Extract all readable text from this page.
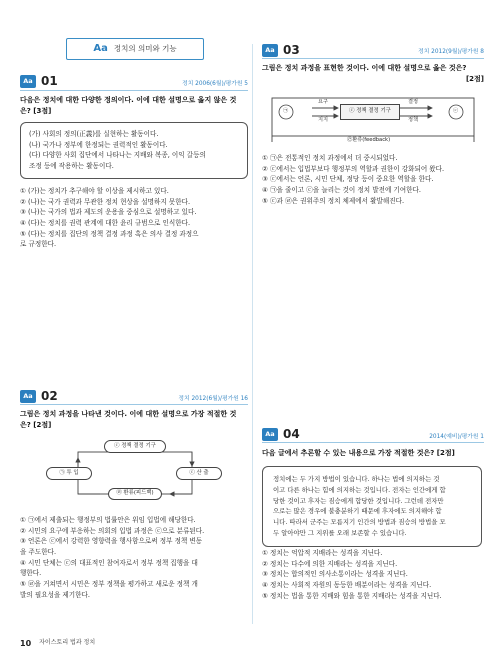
Aa 정치의 의미와 기능
Aa 01	정치 2006(6월)/평가원 5
다음은 정치에 대한 다양한 정의이다. 이에 대한 설명으로 옳지 않은 것
은? [3점]
(가) 사회의 정의(正義)를 실현하는 활동이다.
(나) 국가나 정부에 한정되는 권력적인 활동이다.
(다) 다양한 사회 집단에서 나타나는 지배와 복종, 이익 갈등의
조정 등에 작용하는 활동이다.
① (가)는 정치가 추구해야 할 이상을 제시하고 있다.
② (나)는 국가 권력과 무관한 정치 현상을 설명하지 못한다.
③ (나)는 국가의 법과 제도의 운용을 중심으로 설명하고 있다.
④ (다)는 정치를 권력 관계에 대한 윤리 규범으로 인식한다.
⑤ (다)는 정치를 집단의 정책 결정 과정 혹은 의사 결정 과정으
로 규정한다.
Aa 02	정치 2012(6월)/평가원 16
그림은 정치 과정을 나타낸 것이다. 이에 대한 설명으로 가장 적절한 것
은? [2점]
ⓒ 정책 결정 기구
㉠ 투 입	ⓒ 산 출
㉣ 환류(피드백)
① ㉠에서 제출되는 행정부의 법률안은 위임 입법에 해당한다.
② 시민의 요구에 부응하는 의회의 입법 과정은 ⓒ으로 분류된다.
③ 언론은 ⓒ에서 강력한 영향력을 행사함으로써 정부 정책 변동
을 주도한다.
④ 시민 단체는 ⓒ의 대표적인 참여자로서 정부 정책 집행을 대
행한다.
⑤ ㉣을 거쳐면서 시민은 정부 정책을 평가하고 새로운 정책 개
발의 필요성을 제기한다.
Aa 03	정치 2012(9월)/평가원 8
그림은 정치 과정을 표현한 것이다. 이에 대한 설명으로 옳은 것은?
[2점]
요구
지지
ⓒ 정책 결정 기구
결정
정책
㉠	ⓒ
㉣환류(feedback)
① ㉠은 전통적인 정치 과정에서 더 중시되었다.
② ⓒ에서는 입법부보다 행정부의 역할과 권한이 강화되어 왔다.
③ ⓒ에서는 언론, 시민 단체, 정당 등이 중요한 역할을 한다.
④ ㉠을 줄이고 ⓒ을 늘리는 것이 정치 발전에 기여한다.
⑤ ⓒ과 ㉣은 권위주의 정치 체제에서 활발해진다.
Aa 04	2014(예비)/평가원 1
다음 글에서 추론할 수 있는 내용으로 가장 적절한 것은? [2점]
정치에는 두 가지 방법이 있습니다. 하나는 법에 의지하는 것
이고 다른 하나는 힘에 의지하는 것입니다. 전자는 인간에게 합
당한 것이고 후자는 짐승에게 합당한 것입니다. 그런데 전자만
으로는 많은 경우에 불충분하기 때문에 후자에도 의지해야 합
니다. 따라서 군주는 모름지기 인간의 방법과 짐승의 방법을 모
두 알아야만 그 지위를 오래 보존할 수 있습니다.
① 정치는 억압적 지배라는 성격을 지닌다.
② 정치는 다수에 의한 지배라는 성격을 지닌다.
③ 정치는 합의적인 의사소통이라는 성격을 지닌다.
④ 정치는 사회적 자원의 동등한 배분이라는 성격을 지닌다.
⑤ 정치는 법을 통한 지배와 힘을 통한 지배라는 성격을 지닌다.
10 자이스토리 법과 정치
